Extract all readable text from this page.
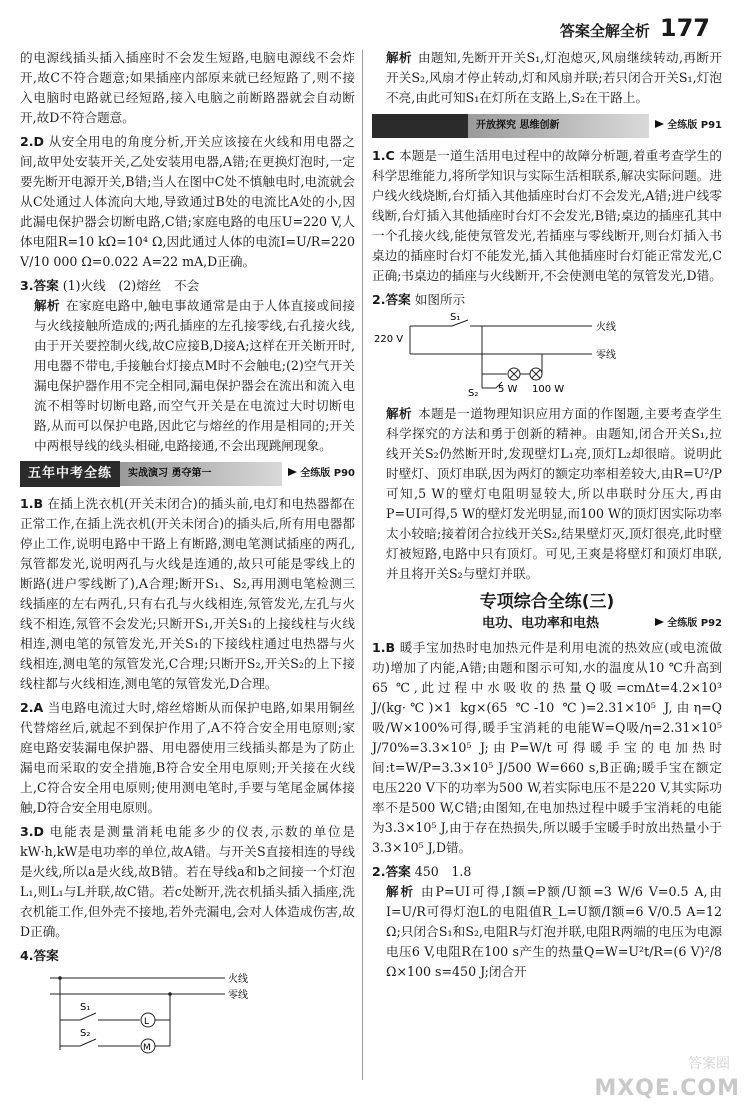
答案全解全析 177

的电源线插头插入插座时不会发生短路,电脑电源线不会炸开,故C不符合题意;如果插座内部原来就已经短路了,则不接入电脑时电路就已经短路,接入电脑之前断路器就会自动断开,故D不符合题意。

2.D 从安全用电的角度分析,开关应该接在火线和用电器之间,故甲处安装开关,乙处安装用电器,A错;在更换灯泡时,一定要先断开电源开关,B错;当人在图中C处不慎触电时,电流就会从C处通过人体流向大地,导致通过B处的电流比A处的小,因此漏电保护器会切断电路,C错;家庭电路的电压U=220 V,人体电阻R=10 kΩ=10⁴ Ω,因此通过人体的电流I=U/R=220 V/10 000 Ω=0.022 A=22 mA,D正确。

3.答案 (1)火线　(2)熔丝　不会

解析 在家庭电路中,触电事故通常是由于人体直接或间接与火线接触所造成的;两孔插座的左孔接零线,右孔接火线,由于开关要控制火线,故C应接B,D接A;这样在开关断开时,用电器不带电,手接触台灯接点M时不会触电;(2)空气开关漏电保护器作用不完全相同,漏电保护器会在流出和流入电流不相等时切断电路,而空气开关是在电流过大时切断电路,从而可以保护电路,因此它与熔丝的作用是相同的;开关中两根导线的线头相碰,电路接通,不会出现跳闸现象。

五年中考全练	实战演习 勇夺第一	全练版 P90

1.B 在插上洗衣机(开关未闭合)的插头前,电灯和电热器都在正常工作,在插上洗衣机(开关未闭合)的插头后,所有用电器都停止工作,说明电路中干路上有断路,测电笔测试插座的两孔,氖管都发光,说明两孔与火线是连通的,故只可能是零线上的断路(进户零线断了),A合理;断开S₁、S₂,再用测电笔检测三线插座的左右两孔,只有右孔与火线相连,氖管发光,左孔与火线不相连,氖管不会发光;只断开S₁,开关S₁的上接线柱与火线相连,测电笔的氖管发光,开关S₁的下接线柱通过电热器与火线相连,测电笔的氖管发光,C合理;只断开S₂,开关S₂的上下接线柱都与火线相连,测电笔的氖管发光,D合理。

2.A 当电路电流过大时,熔丝熔断从而保护电路,如果用铜丝代替熔丝后,就起不到保护作用了,A不符合安全用电原则;家庭电路安装漏电保护器、用电器使用三线插头都是为了防止漏电而采取的安全措施,B符合安全用电原则;开关接在火线上,C符合安全用电原则;使用测电笔时,手要与笔尾金属体接触,D符合安全用电原则。

3.D 电能表是测量消耗电能多少的仪表,示数的单位是kW·h,kW是电功率的单位,故A错。与开关S直接相连的导线是火线,所以a是火线,故B错。若在导线a和b之间接一个灯泡L₁,则L₁与L并联,故C错。若c处断开,洗衣机插头插入插座,洗衣机能工作,但外壳不接地,若外壳漏电,会对人体造成伤害,故D正确。

4.答案

火线
零线
S₁
L
S₂
M

解析 由题知,先断开开关S₁,灯泡熄灭,风扇继续转动,再断开开关S₂,风扇才停止转动,灯和风扇并联;若只闭合开关S₁,灯泡不亮,由此可知S₁在灯所在支路上,S₂在干路上。

开放探究 思维创新	全练版 P91

1.C 本题是一道生活用电过程中的故障分析题,着重考查学生的科学思维能力,将所学知识与实际生活相联系,解决实际问题。进户线火线烧断,台灯插入其他插座时台灯不会发光,A错;进户线零线断,台灯插入其他插座时台灯不会发光,B错;桌边的插座孔其中一个孔接火线,能使氖管发光,若插座与零线断开,则台灯插入书桌边的插座时台灯不能发光,插入其他插座时台灯能正常发光,C正确;书桌边的插座与火线断开,不会使测电笔的氖管发光,D错。

2.答案 如图所示

220 V
S₁
火线
零线
5 W 100 W
S₂

解析 本题是一道物理知识应用方面的作图题,主要考查学生科学探究的方法和勇于创新的精神。由题知,闭合开关S₁,拉线开关S₂仍然断开时,发现壁灯L₁亮,顶灯L₂却很暗。说明此时壁灯、顶灯串联,因为两灯的额定功率相差较大,由R=U²/P可知,5 W的壁灯电阻明显较大,所以串联时分压大,再由P=UI可得,5 W的壁灯发光明显,而100 W的顶灯因实际功率太小较暗;接着闭合拉线开关S₂,结果壁灯灭,顶灯很亮,此时壁灯被短路,电路中只有顶灯。可见,王爽是将壁灯和顶灯串联,并且将开关S₂与壁灯并联。

专项综合全练(三)
电功、电功率和电热	全练版 P92

1.B 暖手宝加热时电加热元件是利用电流的热效应(或电流做功)增加了内能,A错;由题和图示可知,水的温度从10 ℃升高到65 ℃,此过程中水吸收的热量Q吸=cmΔt=4.2×10³ J/(kg·℃)×1 kg×(65 ℃-10 ℃)=2.31×10⁵ J,由η=Q吸/W×100%可得,暖手宝消耗的电能W=Q吸/η=2.31×10⁵ J/70%=3.3×10⁵ J;由P=W/t可得暖手宝的电加热时间:t=W/P=3.3×10⁵ J/500 W=660 s,B正确;暖手宝在额定电压220 V下的功率为500 W,若实际电压不是220 V,其实际功率不是500 W,C错;由图知,在电加热过程中暖手宝消耗的电能为3.3×10⁵ J,由于存在热损失,所以暖手宝暖手时放出热量小于3.3×10⁵ J,D错。

2.答案 450　1.8

解析 由P=UI可得,I额=P额/U额=3 W/6 V=0.5 A,由I=U/R可得灯泡L的电阻值R_L=U额/I额=6 V/0.5 A=12 Ω;只闭合S₁和S₂,电阻R与灯泡并联,电阻R两端的电压为电源电压6 V,电阻R在100 s产生的热量Q=W=U²t/R=(6 V)²/8 Ω×100 s=450 J;闭合开

答案圈
MXQE.COM
